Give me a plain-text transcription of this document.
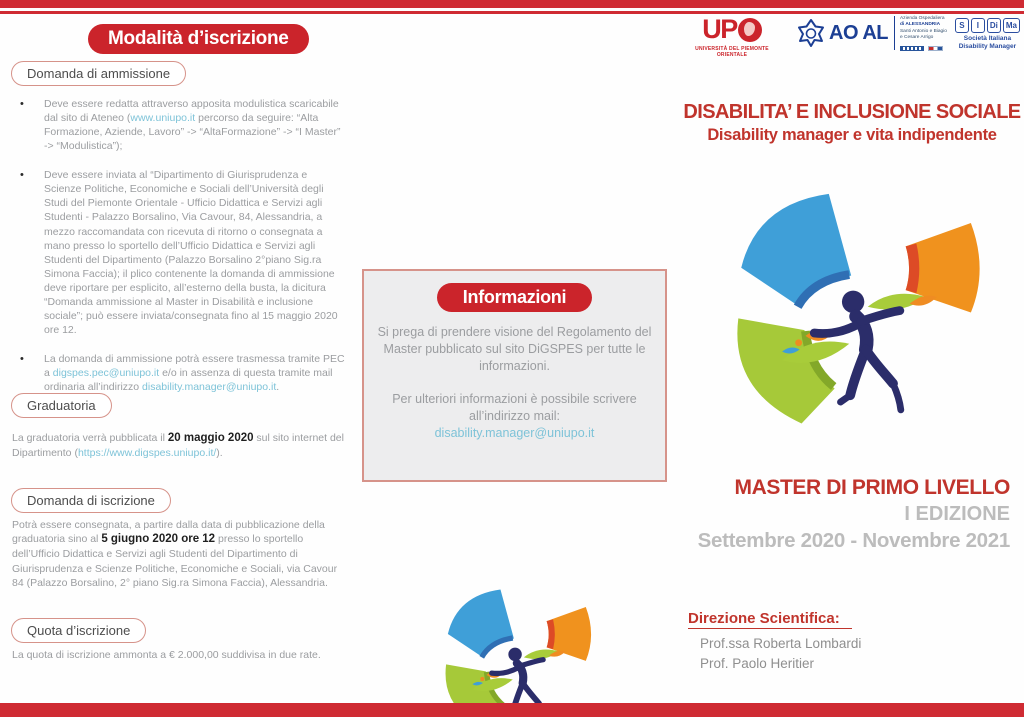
Modalità d’iscrizione
Domanda di ammissione
•	Deve essere redatta attraverso apposita modulistica scaricabile dal sito di Ateneo (www.uniupo.it percorso da seguire: “Alta Formazione, Aziende, Lavoro” -> “AltaFormazione” -> “I Master” -> “Modulistica”);
•	Deve essere inviata al “Dipartimento di Giurisprudenza e Scienze Politiche, Economiche e Sociali dell’Università degli Studi del Piemonte Orientale - Ufficio Didattica e Servizi agli Studenti - Palazzo Borsalino, Via Cavour, 84, Alessandria, a mezzo raccomandata con ricevuta di ritorno o consegnata a mano presso lo sportello dell’Ufficio Didattica e Servizi agli Studenti del Dipartimento (Palazzo Borsalino 2°piano Sig.ra Simona Faccia); il plico contenente la domanda di ammissione deve riportare per esplicito, all’esterno della busta, la dicitura “Domanda ammissione al Master in Disabilità e inclusione sociale”; può essere inviata/consegnata fino al 15 maggio 2020 ore 12.
•	La domanda di ammissione potrà essere trasmessa tramite PEC a digspes.pec@uniupo.it e/o in assenza di questa tramite mail ordinaria all’indirizzo disability.manager@uniupo.it.
Graduatoria
La graduatoria verrà pubblicata il 20 maggio 2020 sul sito internet del Dipartimento (https://www.digspes.uniupo.it/).
Domanda di iscrizione
Potrà essere consegnata, a partire dalla data di pubblicazione della graduatoria sino al 5 giugno 2020 ore 12 presso lo sportello dell’Ufficio Didattica e Servizi agli Studenti del Dipartimento di Giurisprudenza e Scienze Politiche, Economiche e Sociali, via Cavour 84 (Palazzo Borsalino, 2° piano Sig.ra Simona Faccia), Alessandria.
Quota d’iscrizione
La quota di iscrizione ammonta a € 2.000,00 suddivisa in due rate.
Informazioni
Si prega di prendere visione del Regolamento del Master pubblicato sul sito DiGSPES per tutte le informazioni.
Per ulteriori informazioni è possibile scrivere all’indirizzo mail:
disability.manager@uniupo.it
UP
UNIVERSITÀ DEL PIEMONTE ORIENTALE
AO AL
Azienda Ospedaliera
di ALESSANDRIA
Santi Antonio e Biagio
e Cesare Arrigo
S	I	Di	Ma
Società Italiana
Disability Manager
DISABILITA’ E INCLUSIONE SOCIALE
Disability manager e vita indipendente
MASTER DI PRIMO LIVELLO
I EDIZIONE
Settembre 2020 - Novembre 2021
Direzione Scientifica:
Prof.ssa Roberta Lombardi
Prof. Paolo Heritier
